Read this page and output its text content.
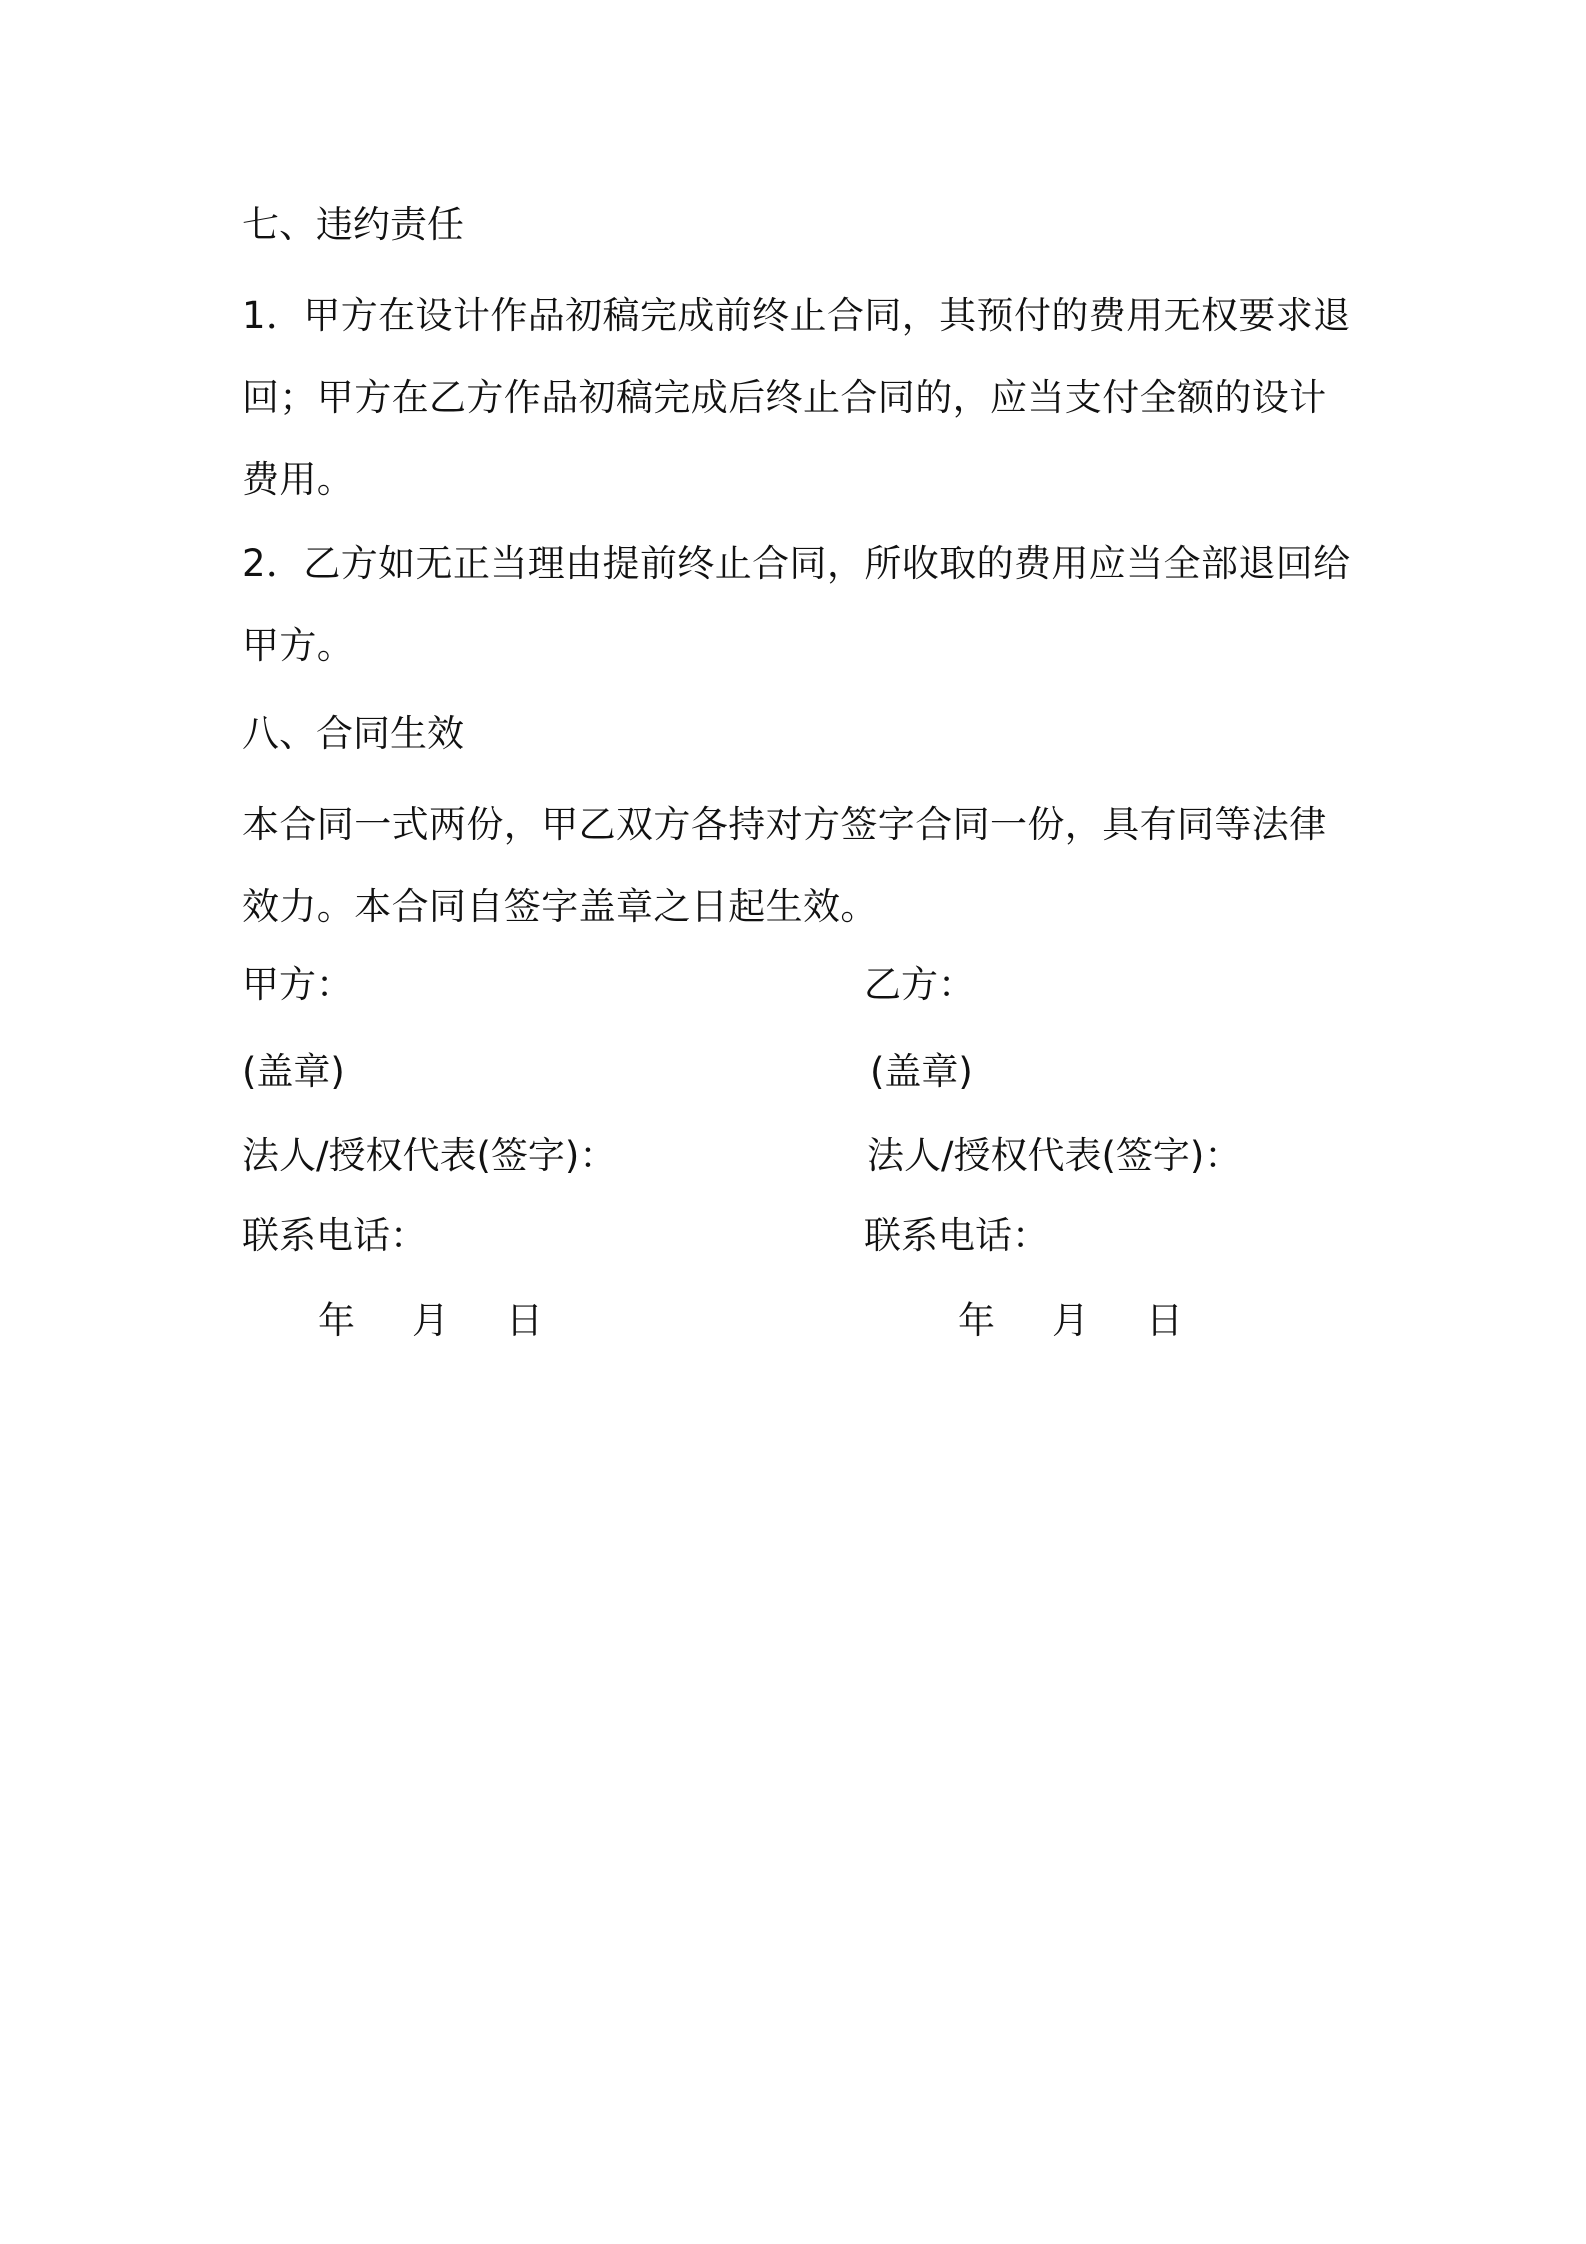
七、违约责任

1．甲方在设计作品初稿完成前终止合同，其预付的费用无权要求退回；甲方在乙方作品初稿完成后终止合同的，应当支付全额的设计费用。

2．乙方如无正当理由提前终止合同，所收取的费用应当全部退回给甲方。

八、合同生效

本合同一式两份，甲乙双方各持对方签字合同一份，具有同等法律效力。本合同自签字盖章之日起生效。

甲方：	乙方：
(盖章)	(盖章)
法人/授权代表(签字)：	法人/授权代表(签字)：
联系电话：	联系电话：
年 月 日	年 月 日
